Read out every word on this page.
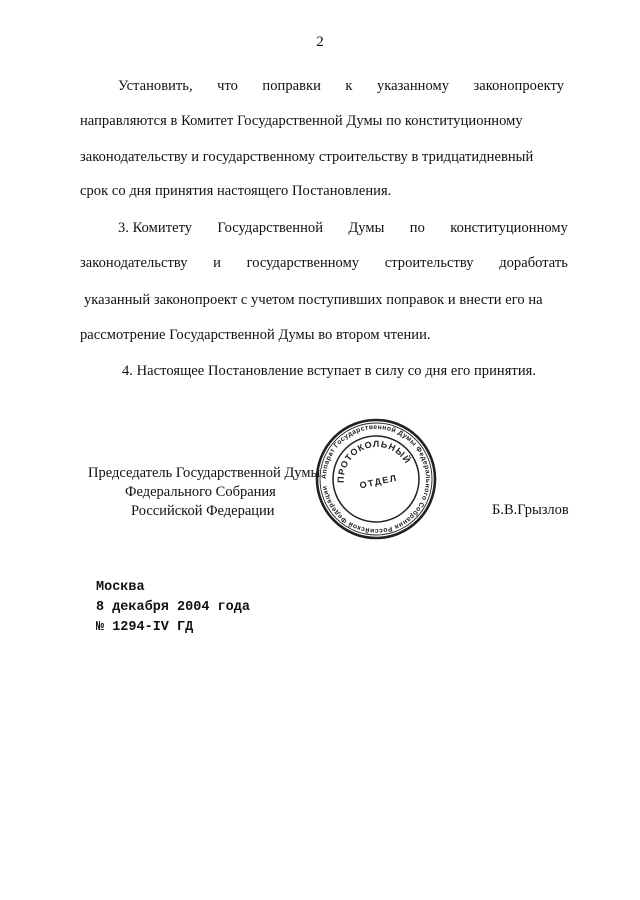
2
Установить, что поправки к указанному законопроекту
направляются в Комитет Государственной Думы по конституционному
законодательству и государственному строительству в тридцатидневный
срок со дня принятия настоящего Постановления.
3. Комитету Государственной Думы по конституционному
законодательству и государственному строительству доработать
указанный законопроект с учетом поступивших поправок и внести его на
рассмотрение Государственной Думы во втором чтении.
4. Настоящее Постановление вступает в силу со дня его принятия.
Председатель Государственной Думы
Федерального Собрания
Российской Федерации	Б.В.Грызлов
Аппарат Государственной Думы Федерального Собрания Российской Федерации
ПРОТОКОЛЬНЫЙ
ОТДЕЛ
Москва
8 декабря 2004 года
№ 1294-IV ГД
